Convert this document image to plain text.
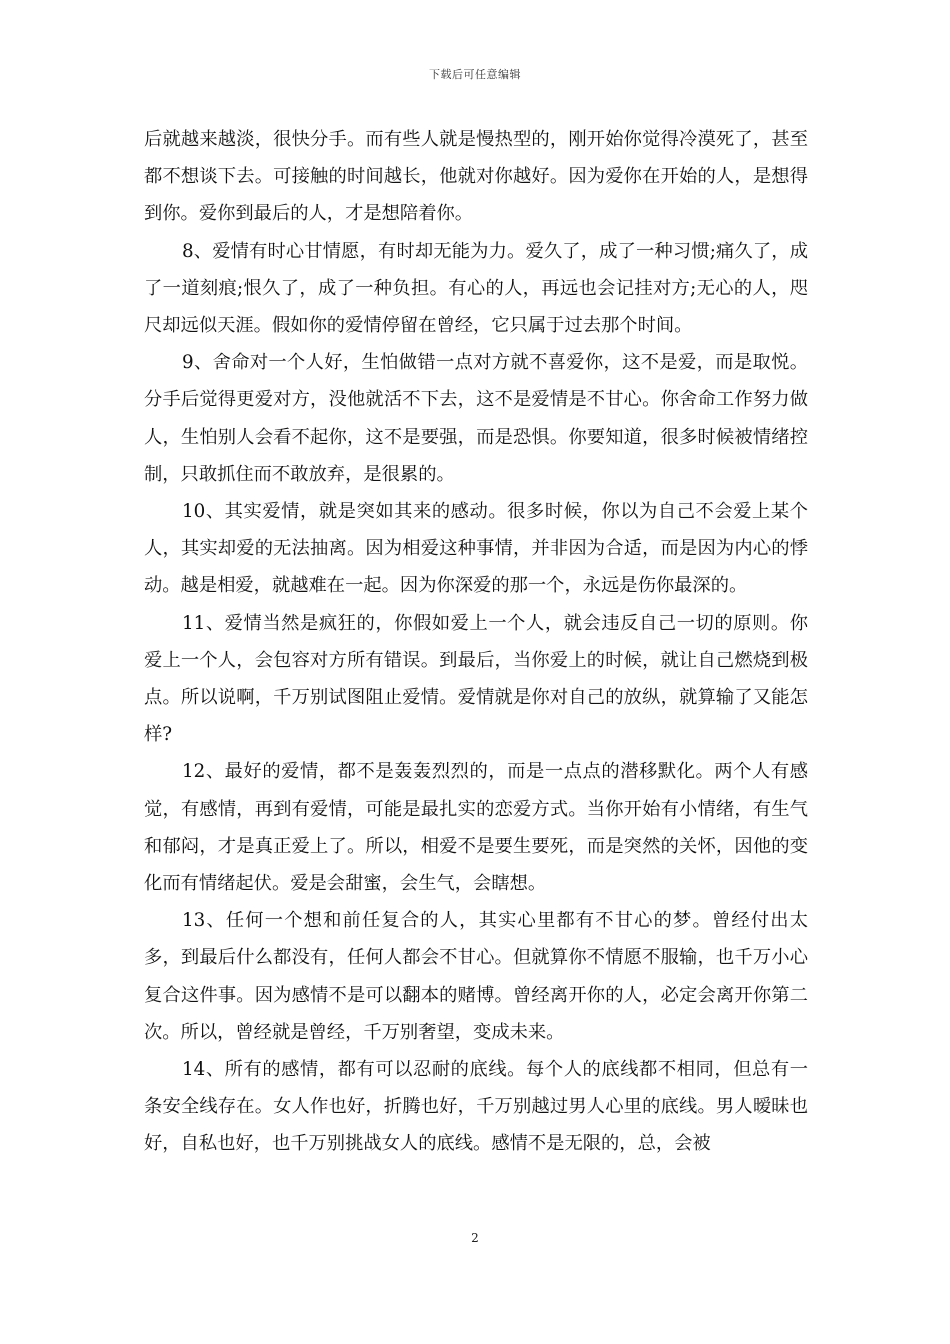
下载后可任意编辑

后就越来越淡，很快分手。而有些人就是慢热型的，刚开始你觉得冷漠死了，甚至都不想谈下去。可接触的时间越长，他就对你越好。因为爱你在开始的人，是想得到你。爱你到最后的人，才是想陪着你。

8、爱情有时心甘情愿，有时却无能为力。爱久了，成了一种习惯;痛久了，成了一道刻痕;恨久了，成了一种负担。有心的人，再远也会记挂对方;无心的人，咫尺却远似天涯。假如你的爱情停留在曾经，它只属于过去那个时间。

9、舍命对一个人好，生怕做错一点对方就不喜爱你，这不是爱，而是取悦。分手后觉得更爱对方，没他就活不下去，这不是爱情是不甘心。你舍命工作努力做人，生怕别人会看不起你，这不是要强，而是恐惧。你要知道，很多时候被情绪控制，只敢抓住而不敢放弃，是很累的。

10、其实爱情，就是突如其来的感动。很多时候，你以为自己不会爱上某个人，其实却爱的无法抽离。因为相爱这种事情，并非因为合适，而是因为内心的悸动。越是相爱，就越难在一起。因为你深爱的那一个，永远是伤你最深的。

11、爱情当然是疯狂的，你假如爱上一个人，就会违反自己一切的原则。你爱上一个人，会包容对方所有错误。到最后，当你爱上的时候，就让自己燃烧到极点。所以说啊，千万别试图阻止爱情。爱情就是你对自己的放纵，就算输了又能怎样?

12、最好的爱情，都不是轰轰烈烈的，而是一点点的潜移默化。两个人有感觉，有感情，再到有爱情，可能是最扎实的恋爱方式。当你开始有小情绪，有生气和郁闷，才是真正爱上了。所以，相爱不是要生要死，而是突然的关怀，因他的变化而有情绪起伏。爱是会甜蜜，会生气，会瞎想。

13、任何一个想和前任复合的人，其实心里都有不甘心的梦。曾经付出太多，到最后什么都没有，任何人都会不甘心。但就算你不情愿不服输，也千万小心复合这件事。因为感情不是可以翻本的赌博。曾经离开你的人，必定会离开你第二次。所以，曾经就是曾经，千万别奢望，变成未来。

14、所有的感情，都有可以忍耐的底线。每个人的底线都不相同，但总有一条安全线存在。女人作也好，折腾也好，千万别越过男人心里的底线。男人暧昧也好，自私也好，也千万别挑战女人的底线。感情不是无限的，总，会被

2
